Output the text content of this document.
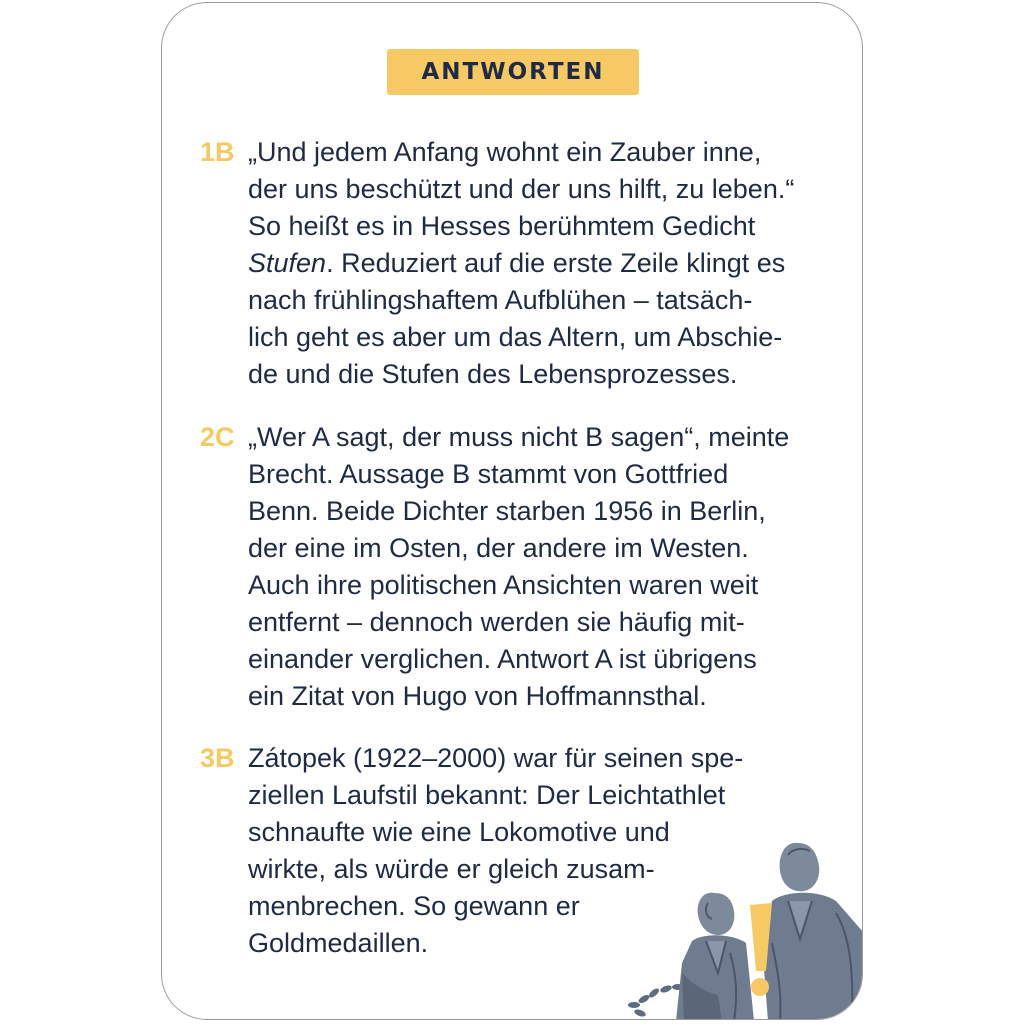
ANTWORTEN
1B „Und jedem Anfang wohnt ein Zauber inne,
der uns beschützt und der uns hilft, zu leben.“
So heißt es in Hesses berühmtem Gedicht
Stufen. Reduziert auf die erste Zeile klingt es
nach frühlingshaftem Aufblühen – tatsäch-
lich geht es aber um das Altern, um Abschie-
de und die Stufen des Lebensprozesses.
2C „Wer A sagt, der muss nicht B sagen“, meinte
Brecht. Aussage B stammt von Gottfried
Benn. Beide Dichter starben 1956 in Berlin,
der eine im Osten, der andere im Westen.
Auch ihre politischen Ansichten waren weit
entfernt – dennoch werden sie häufig mit-
einander verglichen. Antwort A ist übrigens
ein Zitat von Hugo von Hoffmannsthal.
3B Zátopek (1922–2000) war für seinen spe-
ziellen Laufstil bekannt: Der Leichtathlet
schnaufte wie eine Lokomotive und
wirkte, als würde er gleich zusam-
menbrechen. So gewann er
Goldmedaillen.
